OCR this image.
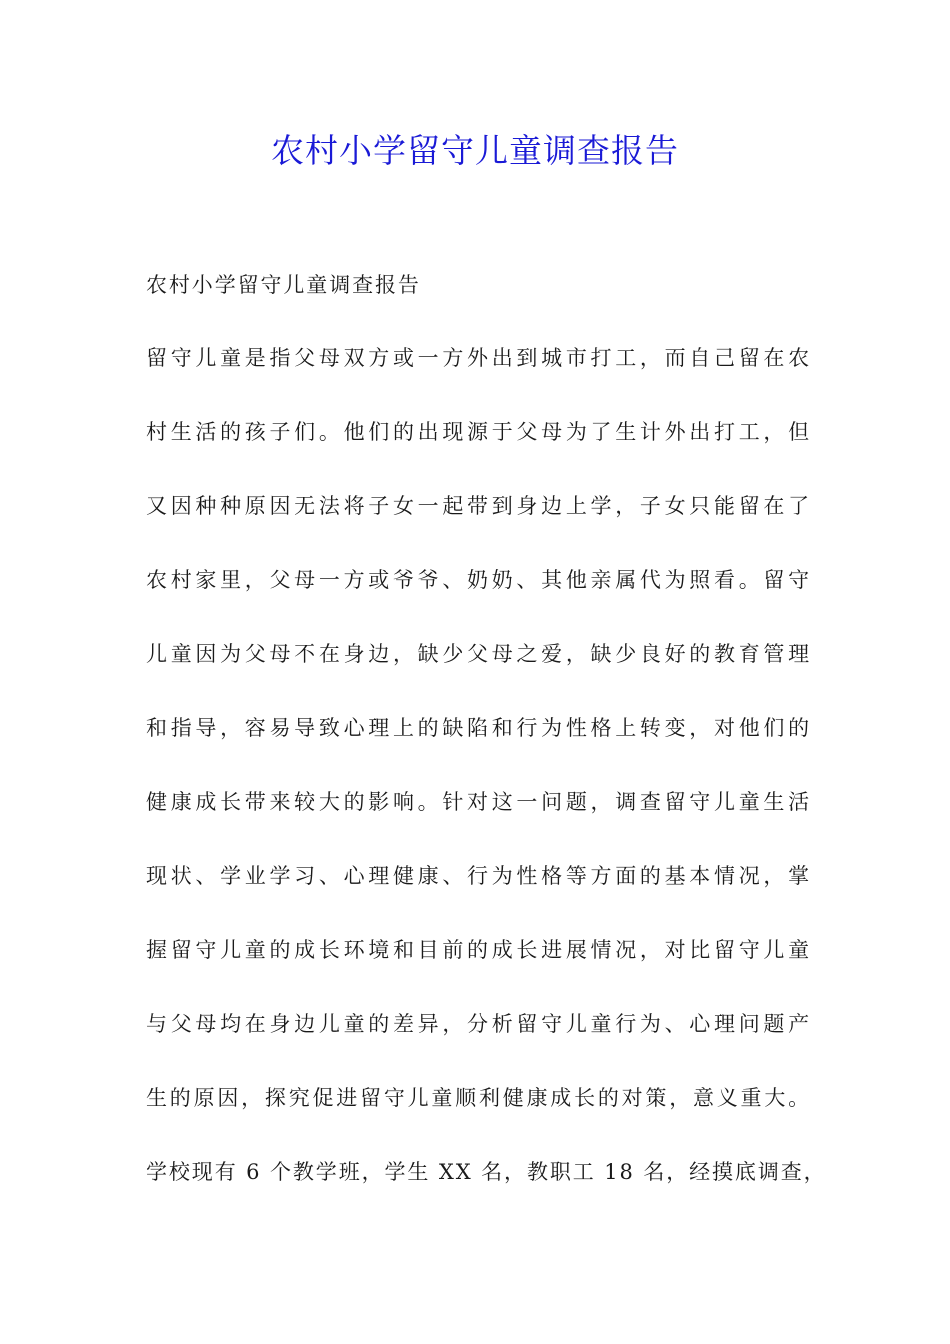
农村小学留守儿童调查报告

农村小学留守儿童调查报告

留守儿童是指父母双方或一方外出到城市打工，而自己留在农
村生活的孩子们。他们的出现源于父母为了生计外出打工，但
又因种种原因无法将子女一起带到身边上学，子女只能留在了
农村家里，父母一方或爷爷、奶奶、其他亲属代为照看。留守
儿童因为父母不在身边，缺少父母之爱，缺少良好的教育管理
和指导，容易导致心理上的缺陷和行为性格上转变，对他们的
健康成长带来较大的影响。针对这一问题，调查留守儿童生活
现状、学业学习、心理健康、行为性格等方面的基本情况，掌
握留守儿童的成长环境和目前的成长进展情况，对比留守儿童
与父母均在身边儿童的差异，分析留守儿童行为、心理问题产
生的原因，探究促进留守儿童顺利健康成长的对策，意义重大。
学校现有 6 个教学班，学生 XX 名，教职工 18 名，经摸底调查，
